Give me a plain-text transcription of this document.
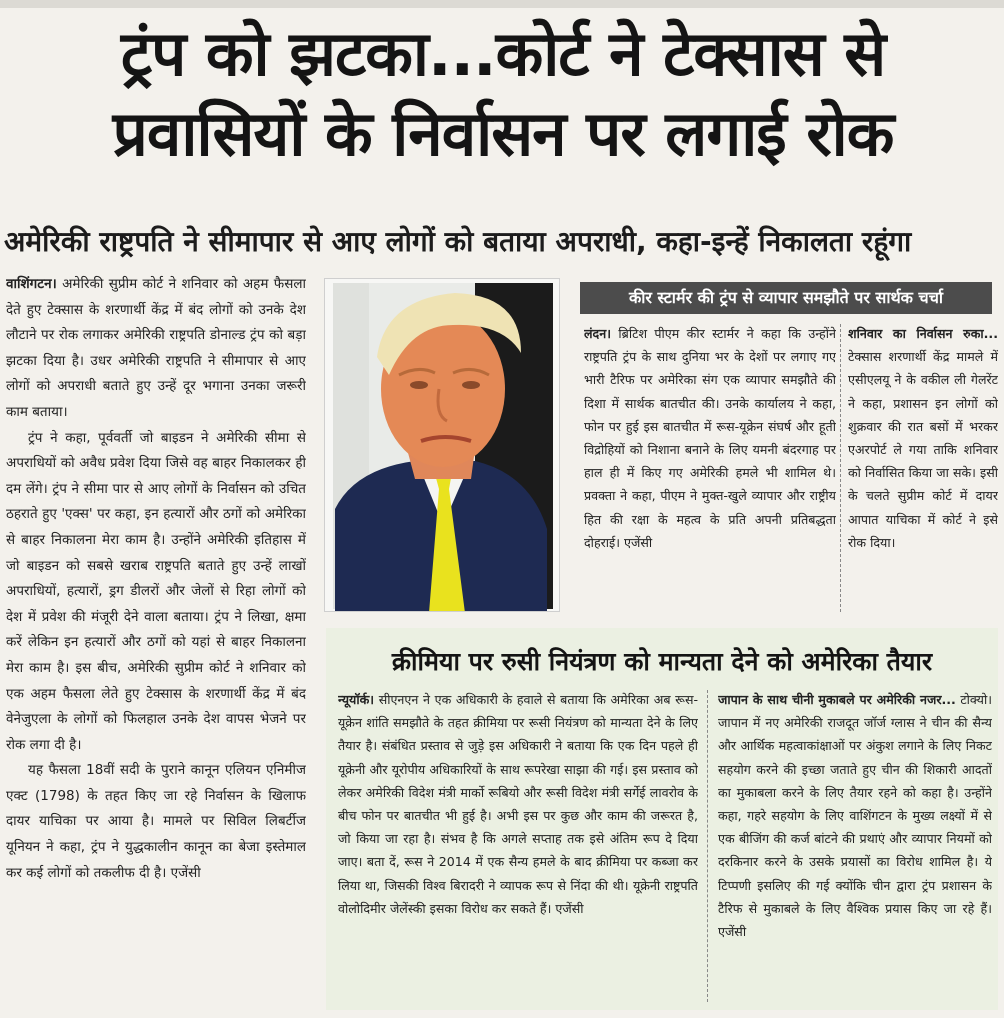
ट्रंप को झटका...कोर्ट ने टेक्सास से
प्रवासियों के निर्वासन पर लगाई रोक
अमेरिकी राष्ट्रपति ने सीमापार से आए लोगों को बताया अपराधी, कहा-इन्हें निकालता रहूंगा

वाशिंगटन। अमेरिकी सुप्रीम कोर्ट ने शनिवार को अहम फैसला देते हुए टेक्सास के शरणार्थी केंद्र में बंद लोगों को उनके देश लौटाने पर रोक लगाकर अमेरिकी राष्ट्रपति डोनाल्ड ट्रंप को बड़ा झटका दिया है। उधर अमेरिकी राष्ट्रपति ने सीमापार से आए लोगों को अपराधी बताते हुए उन्हें दूर भगाना उनका जरूरी काम बताया।

ट्रंप ने कहा, पूर्ववर्ती जो बाइडन ने अमेरिकी सीमा से अपराधियों को अवैध प्रवेश दिया जिसे वह बाहर निकालकर ही दम लेंगे। ट्रंप ने सीमा पार से आए लोगों के निर्वासन को उचित ठहराते हुए 'एक्स' पर कहा, इन हत्यारों और ठगों को अमेरिका से बाहर निकालना मेरा काम है। उन्होंने अमेरिकी इतिहास में जो बाइडन को सबसे खराब राष्ट्रपति बताते हुए उन्हें लाखों अपराधियों, हत्यारों, ड्रग डीलरों और जेलों से रिहा लोगों को देश में प्रवेश की मंजूरी देने वाला बताया। ट्रंप ने लिखा, क्षमा करें लेकिन इन हत्यारों और ठगों को यहां से बाहर निकालना मेरा काम है। इस बीच, अमेरिकी सुप्रीम कोर्ट ने शनिवार को एक अहम फैसला लेते हुए टेक्सास के शरणार्थी केंद्र में बंद वेनेजुएला के लोगों को फिलहाल उनके देश वापस भेजने पर रोक लगा दी है।

यह फैसला 18वीं सदी के पुराने कानून एलियन एनिमीज एक्ट (1798) के तहत किए जा रहे निर्वासन के खिलाफ दायर याचिका पर आया है। मामले पर सिविल लिबर्टीज यूनियन ने कहा, ट्रंप ने युद्धकालीन कानून का बेजा इस्तेमाल कर कई लोगों को तकलीफ दी है। एजेंसी

कीर स्टार्मर की ट्रंप से व्यापार समझौते पर सार्थक चर्चा

लंदन। ब्रिटिश पीएम कीर स्टार्मर ने कहा कि उन्होंने राष्ट्रपति ट्रंप के साथ दुनिया भर के देशों पर लगाए गए भारी टैरिफ पर अमेरिका संग एक व्यापार समझौते की दिशा में सार्थक बातचीत की। उनके कार्यालय ने कहा, फोन पर हुई इस बातचीत में रूस-यूक्रेन संघर्ष और हूती विद्रोहियों को निशाना बनाने के लिए यमनी बंदरगाह पर हाल ही में किए गए अमेरिकी हमले भी शामिल थे। प्रवक्ता ने कहा, पीएम ने मुक्त-खुले व्यापार और राष्ट्रीय हित की रक्षा के महत्व के प्रति अपनी प्रतिबद्धता दोहराई। एजेंसी

शनिवार का निर्वासन रुका... टेक्सास शरणार्थी केंद्र मामले में एसीएलयू ने के वकील ली गेलरेंट ने कहा, प्रशासन इन लोगों को शुक्रवार की रात बसों में भरकर एअरपोर्ट ले गया ताकि शनिवार को निर्वासित किया जा सके। इसी के चलते सुप्रीम कोर्ट में दायर आपात याचिका में कोर्ट ने इसे रोक दिया।

क्रीमिया पर रुसी नियंत्रण को मान्यता देने को अमेरिका तैयार

न्यूयॉर्क। सीएनएन ने एक अधिकारी के हवाले से बताया कि अमेरिका अब रूस-यूक्रेन शांति समझौते के तहत क्रीमिया पर रूसी नियंत्रण को मान्यता देने के लिए तैयार है। संबंधित प्रस्ताव से जुड़े इस अधिकारी ने बताया कि एक दिन पहले ही यूक्रेनी और यूरोपीय अधिकारियों के साथ रूपरेखा साझा की गई। इस प्रस्ताव को लेकर अमेरिकी विदेश मंत्री मार्को रूबियो और रूसी विदेश मंत्री सर्गेई लावरोव के बीच फोन पर बातचीत भी हुई है। अभी इस पर कुछ और काम की जरूरत है, जो किया जा रहा है। संभव है कि अगले सप्ताह तक इसे अंतिम रूप दे दिया जाए। बता दें, रूस ने 2014 में एक सैन्य हमले के बाद क्रीमिया पर कब्जा कर लिया था, जिसकी विश्व बिरादरी ने व्यापक रूप से निंदा की थी। यूक्रेनी राष्ट्रपति वोलोदिमीर जेलेंस्की इसका विरोध कर सकते हैं। एजेंसी

जापान के साथ चीनी मुकाबले पर अमेरिकी नजर... टोक्यो। जापान में नए अमेरिकी राजदूत जॉर्ज ग्लास ने चीन की सैन्य और आर्थिक महत्वाकांक्षाओं पर अंकुश लगाने के लिए निकट सहयोग करने की इच्छा जताते हुए चीन की शिकारी आदतों का मुकाबला करने के लिए तैयार रहने को कहा है। उन्होंने कहा, गहरे सहयोग के लिए वाशिंगटन के मुख्य लक्ष्यों में से एक बीजिंग की कर्ज बांटने की प्रथाएं और व्यापार नियमों को दरकिनार करने के उसके प्रयासों का विरोध शामिल है। ये टिप्पणी इसलिए की गई क्योंकि चीन द्वारा ट्रंप प्रशासन के टैरिफ से मुकाबले के लिए वैश्विक प्रयास किए जा रहे हैं। एजेंसी
